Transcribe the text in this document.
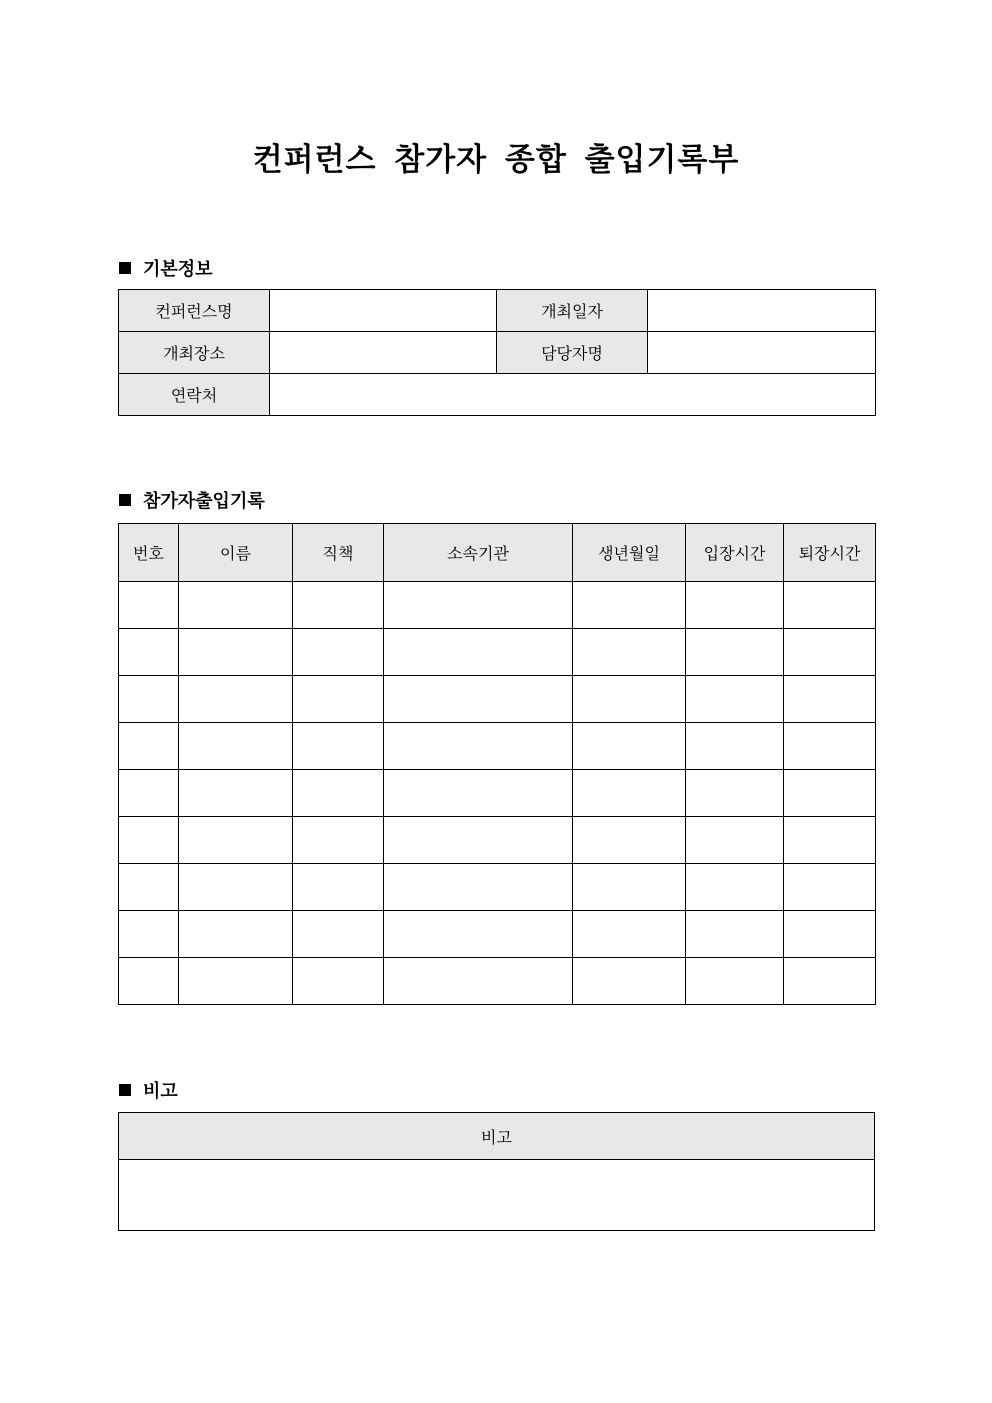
컨퍼런스 참가자 종합 출입기록부
기본정보
컨퍼런스명		개최일자	
개최장소		담당자명	
연락처			
참가자출입기록
번호	이름	직책	소속기관	생년월일	입장시간	퇴장시간

비고
비고
